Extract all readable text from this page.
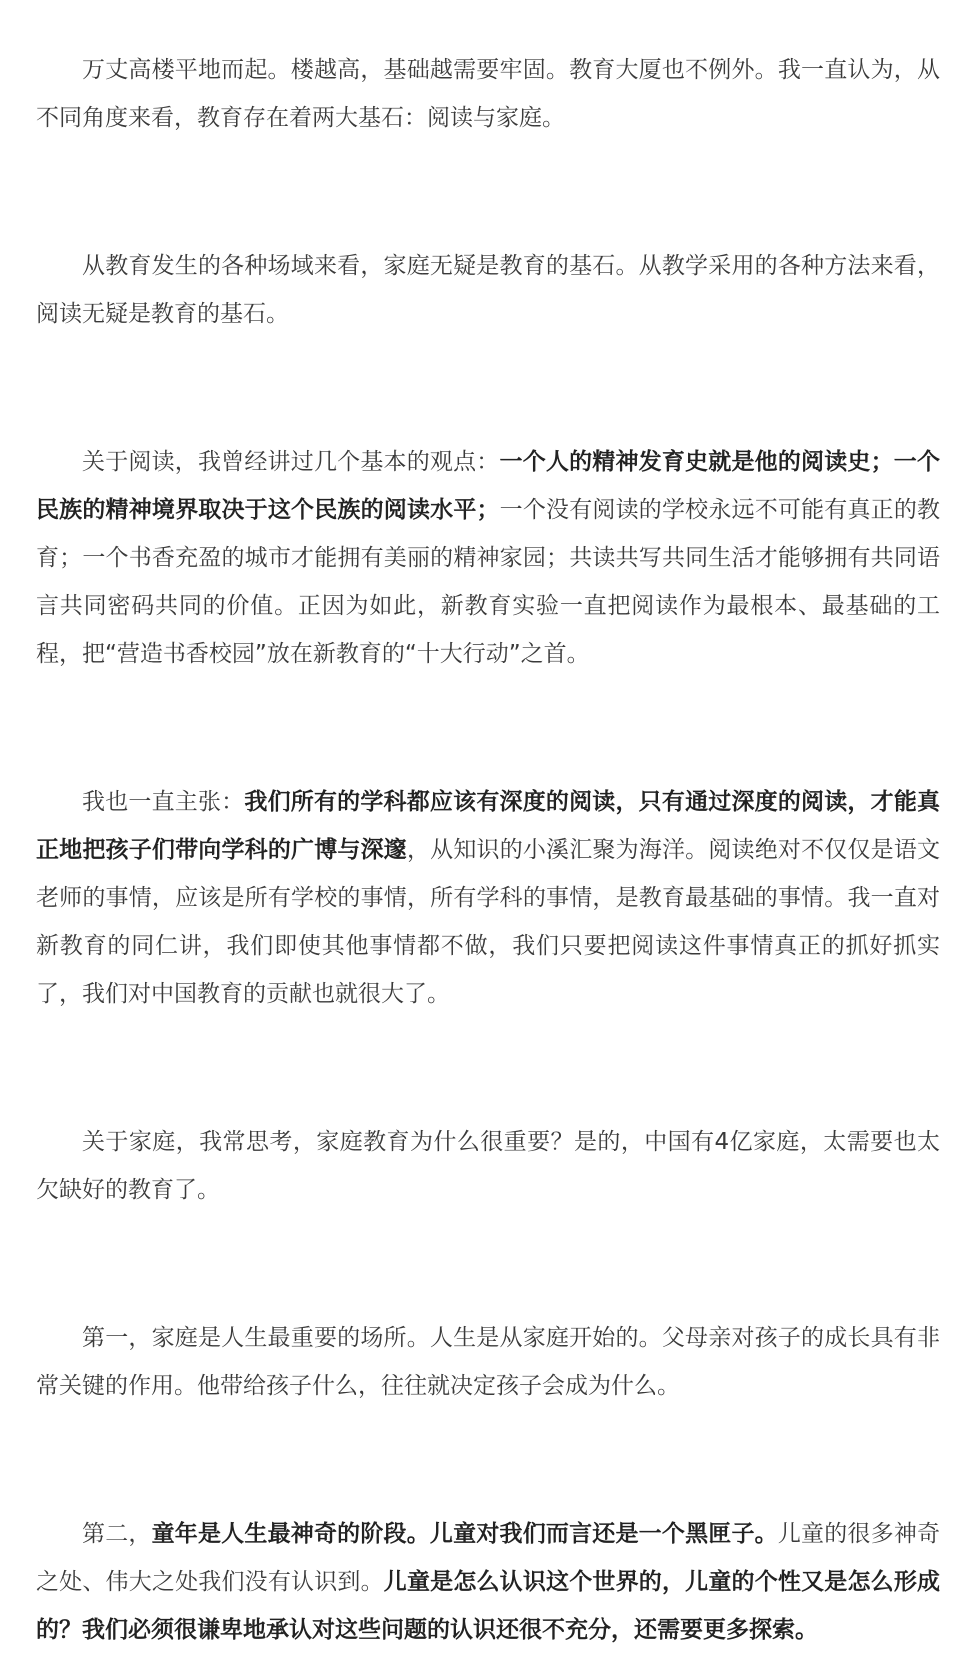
万丈高楼平地而起。楼越高，基础越需要牢固。教育大厦也不例外。我一直认为，从不同角度来看，教育存在着两大基石：阅读与家庭。

从教育发生的各种场域来看，家庭无疑是教育的基石。从教学采用的各种方法来看，阅读无疑是教育的基石。

关于阅读，我曾经讲过几个基本的观点：一个人的精神发育史就是他的阅读史；一个民族的精神境界取决于这个民族的阅读水平；一个没有阅读的学校永远不可能有真正的教育；一个书香充盈的城市才能拥有美丽的精神家园；共读共写共同生活才能够拥有共同语言共同密码共同的价值。正因为如此，新教育实验一直把阅读作为最根本、最基础的工程，把“营造书香校园”放在新教育的“十大行动”之首。

我也一直主张：我们所有的学科都应该有深度的阅读，只有通过深度的阅读，才能真正地把孩子们带向学科的广博与深邃，从知识的小溪汇聚为海洋。阅读绝对不仅仅是语文老师的事情，应该是所有学校的事情，所有学科的事情，是教育最基础的事情。我一直对新教育的同仁讲，我们即使其他事情都不做，我们只要把阅读这件事情真正的抓好抓实了，我们对中国教育的贡献也就很大了。

关于家庭，我常思考，家庭教育为什么很重要？是的，中国有4亿家庭，太需要也太欠缺好的教育了。

第一，家庭是人生最重要的场所。人生是从家庭开始的。父母亲对孩子的成长具有非常关键的作用。他带给孩子什么，往往就决定孩子会成为什么。

第二，童年是人生最神奇的阶段。儿童对我们而言还是一个黑匣子。儿童的很多神奇之处、伟大之处我们没有认识到。儿童是怎么认识这个世界的，儿童的个性又是怎么形成的？我们必须很谦卑地承认对这些问题的认识还很不充分，还需要更多探索。
